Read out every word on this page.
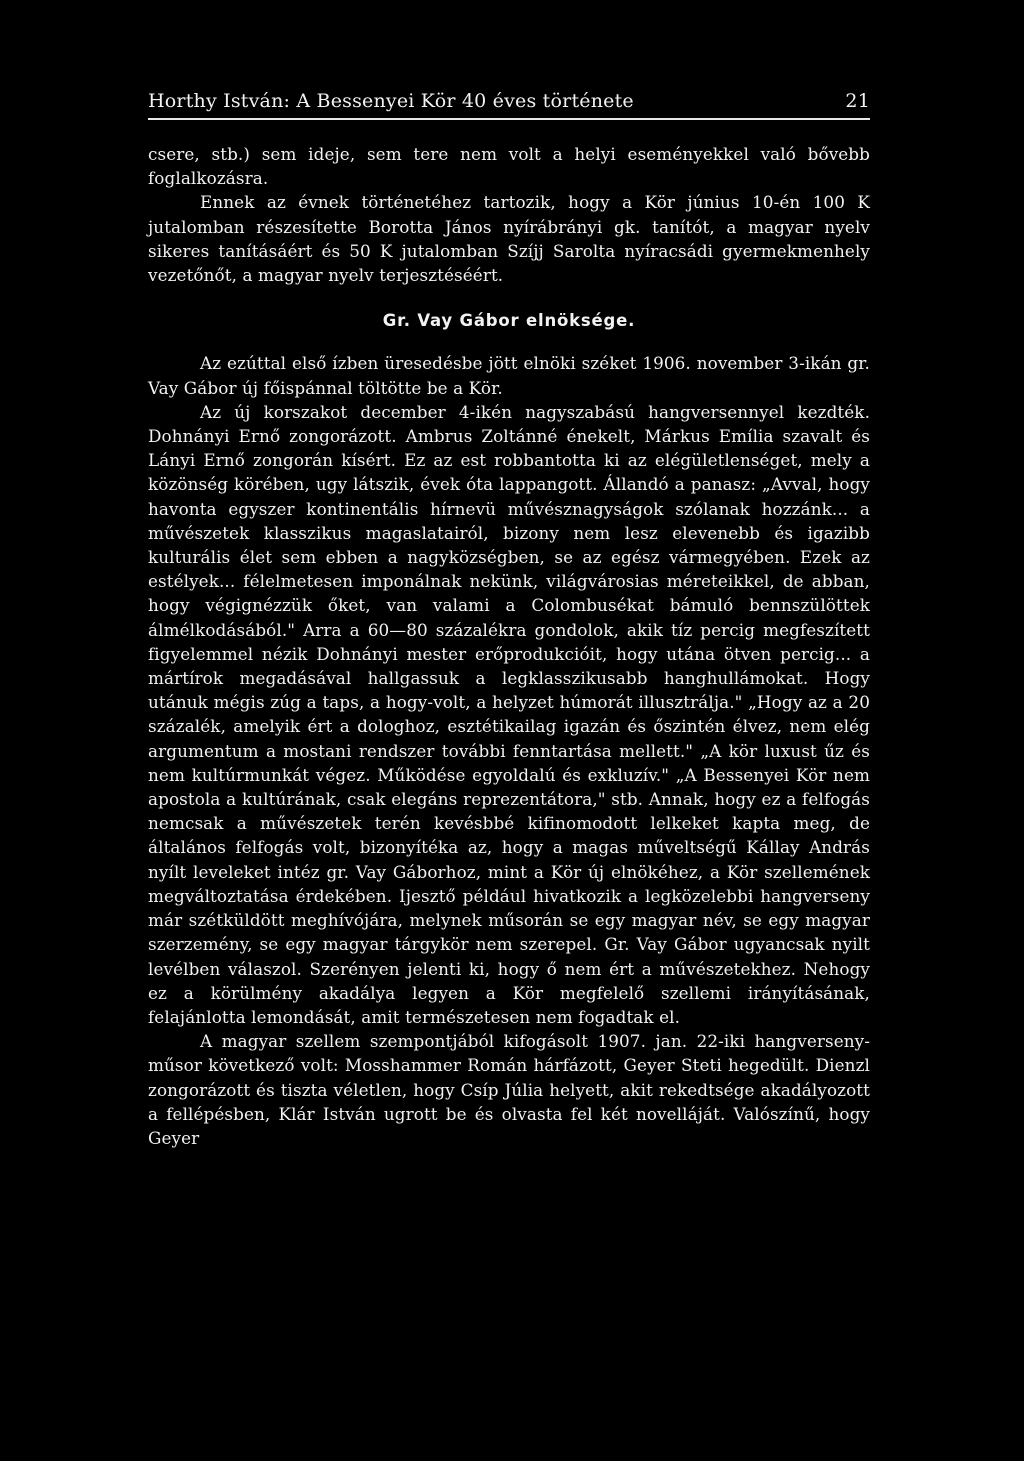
Horthy István: A Bessenyei Kör 40 éves története	21

csere, stb.) sem ideje, sem tere nem volt a helyi eseményekkel való bővebb foglalkozásra.

Ennek az évnek történetéhez tartozik, hogy a Kör június 10-én 100 K jutalomban részesítette Borotta János nyírábrányi gk. tanítót, a magyar nyelv sikeres tanításáért és 50 K jutalomban Szíjj Sarolta nyíracsádi gyermekmenhely vezetőnőt, a magyar nyelv terjesztéséért.

Gr. Vay Gábor elnöksége.

Az ezúttal első ízben üresedésbe jött elnöki széket 1906. november 3-ikán gr. Vay Gábor új főispánnal töltötte be a Kör.

Az új korszakot december 4-ikén nagyszabású hangversennyel kezdték. Dohnányi Ernő zongorázott. Ambrus Zoltánné énekelt, Márkus Emília szavalt és Lányi Ernő zongorán kísért. Ez az est robbantotta ki az elégületlenséget, mely a közönség körében, ugy látszik, évek óta lappangott. Állandó a panasz: „Avval, hogy havonta egyszer kontinentális hírnevü művésznagyságok szólanak hozzánk... a művészetek klasszikus magaslatairól, bizony nem lesz elevenebb és igazibb kulturális élet sem ebben a nagyközségben, se az egész vármegyében. Ezek az estélyek... félelmetesen imponálnak nekünk, világvárosias méreteikkel, de abban, hogy végignézzük őket, van valami a Colombusékat bámuló bennszülöttek álmélkodásából." Arra a 60—80 százalékra gondolok, akik tíz percig megfeszített figyelemmel nézik Dohnányi mester erőprodukcióit, hogy utána ötven percig... a mártírok megadásával hallgassuk a legklasszikusabb hanghullámokat. Hogy utánuk mégis zúg a taps, a hogy-volt, a helyzet húmorát illusztrálja." „Hogy az a 20 százalék, amelyik ért a dologhoz, esztétikailag igazán és őszintén élvez, nem elég argumentum a mostani rendszer további fenntartása mellett." „A kör luxust űz és nem kultúrmunkát végez. Működése egyoldalú és exkluzív." „A Bessenyei Kör nem apostola a kultúrának, csak elegáns reprezentátora," stb. Annak, hogy ez a felfogás nemcsak a művészetek terén kevésbbé kifinomodott lelkeket kapta meg, de általános felfogás volt, bizonyítéka az, hogy a magas műveltségű Kállay András nyílt leveleket intéz gr. Vay Gáborhoz, mint a Kör új elnökéhez, a Kör szellemének megváltoztatása érdekében. Ijesztő például hivatkozik a legközelebbi hangverseny már szétküldött meghívójára, melynek műsorán se egy magyar név, se egy magyar szerzemény, se egy magyar tárgykör nem szerepel. Gr. Vay Gábor ugyancsak nyilt levélben válaszol. Szerényen jelenti ki, hogy ő nem ért a művészetekhez. Nehogy ez a körülmény akadálya legyen a Kör megfelelő szellemi irányításának, felajánlotta lemondását, amit természetesen nem fogadtak el.

A magyar szellem szempontjából kifogásolt 1907. jan. 22-iki hangverseny-műsor következő volt: Mosshammer Román hárfázott, Geyer Steti hegedült. Dienzl zongorázott és tiszta véletlen, hogy Csíp Júlia helyett, akit rekedtsége akadályozott a fellépésben, Klár István ugrott be és olvasta fel két novelláját. Valószínű, hogy Geyer
